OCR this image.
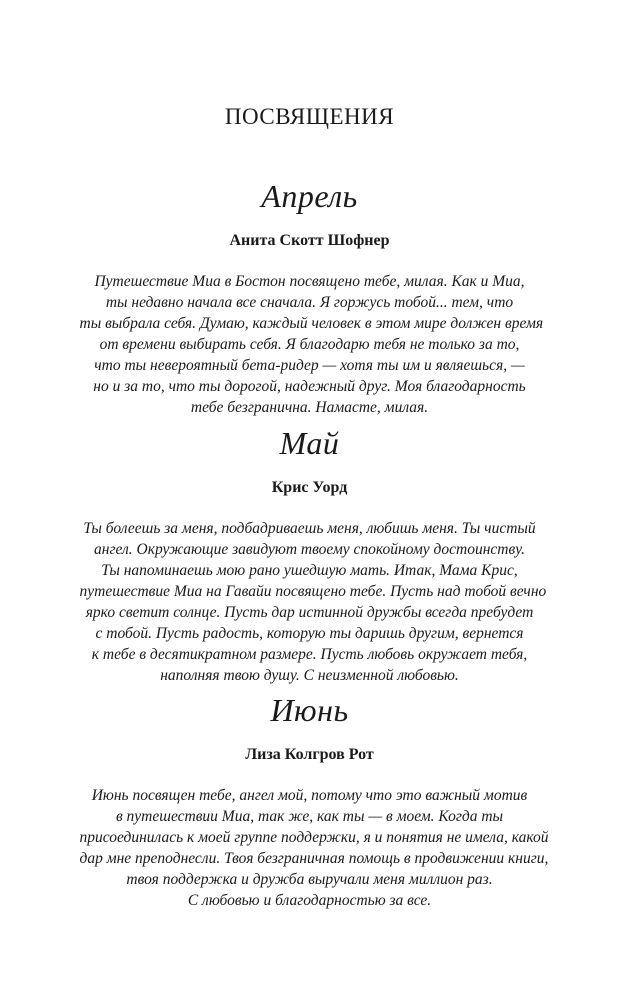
ПОСВЯЩЕНИЯ

Апрель

Анита Скотт Шофнер

Путешествие Миа в Бостон посвящено тебе, милая. Как и Миа,
ты недавно начала все сначала. Я горжусь тобой... тем, что
ты выбрала себя. Думаю, каждый человек в этом мире должен время
от времени выбирать себя. Я благодарю тебя не только за то,
что ты невероятный бета-ридер — хотя ты им и являешься, —
но и за то, что ты дорогой, надежный друг. Моя благодарность
тебе безгранична. Намасте, милая.

Май

Крис Уорд

Ты болеешь за меня, подбадриваешь меня, любишь меня. Ты чистый
ангел. Окружающие завидуют твоему спокойному достоинству.
Ты напоминаешь мою рано ушедшую мать. Итак, Мама Крис,
путешествие Миа на Гавайи посвящено тебе. Пусть над тобой вечно
ярко светит солнце. Пусть дар истинной дружбы всегда пребудет
с тобой. Пусть радость, которую ты даришь другим, вернется
к тебе в десятикратном размере. Пусть любовь окружает тебя,
наполняя твою душу. С неизменной любовью.

Июнь

Лиза Колгров Рот

Июнь посвящен тебе, ангел мой, потому что это важный мотив
в путешествии Миа, так же, как ты — в моем. Когда ты
присоединилась к моей группе поддержки, я и понятия не имела, какой
дар мне преподнесли. Твоя безграничная помощь в продвижении книги,
твоя поддержка и дружба выручали меня миллион раз.
С любовью и благодарностью за все.
